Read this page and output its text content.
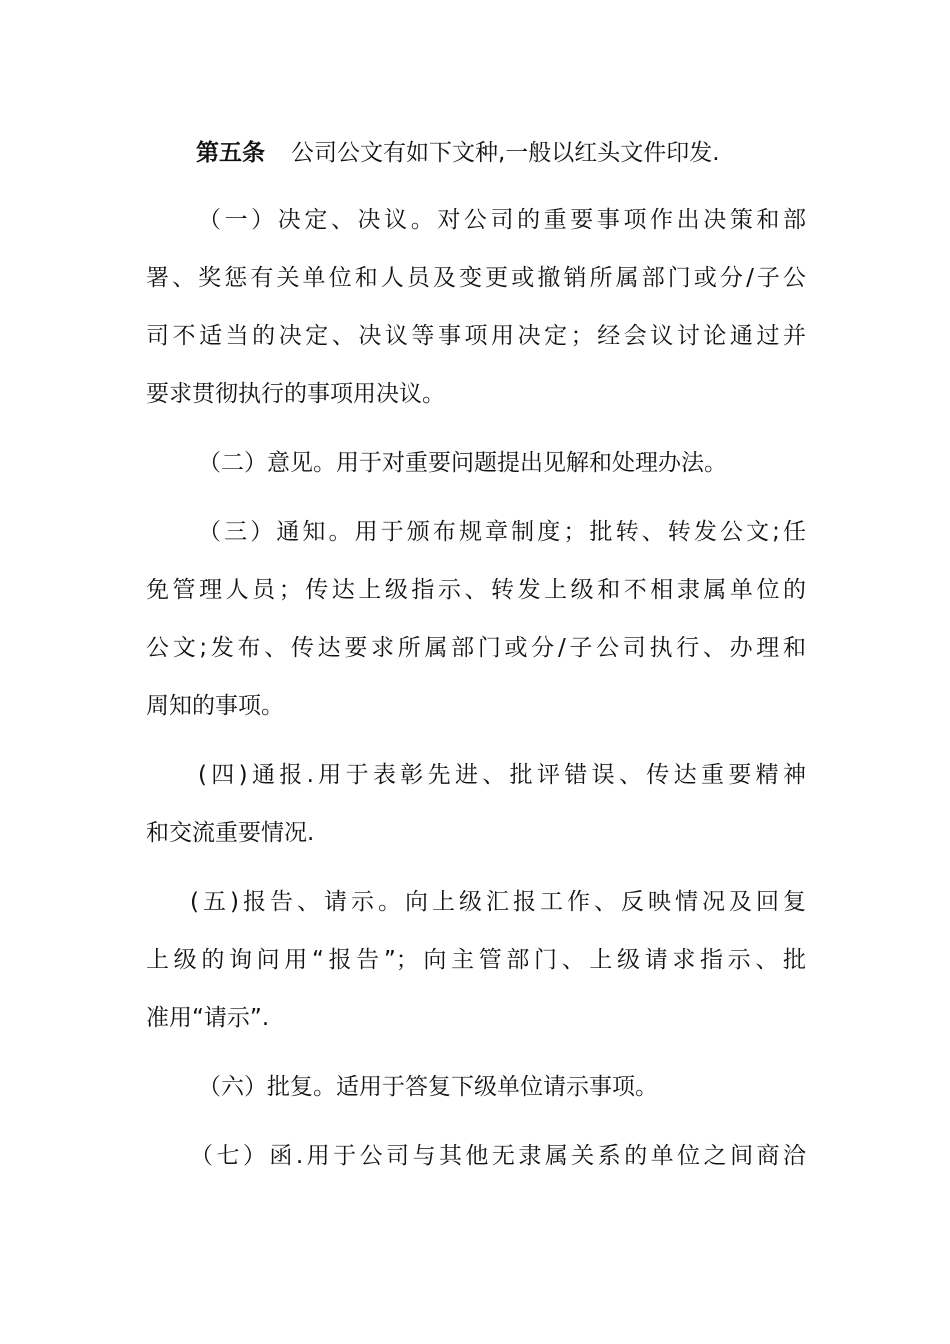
第五条 公司公文有如下文种,一般以红头文件印发.
（一）决定、决议。对公司的重要事项作出决策和部
署、奖惩有关单位和人员及变更或撤销所属部门或分/子公
司不适当的决定、决议等事项用决定；经会议讨论通过并
要求贯彻执行的事项用决议。
（二）意见。用于对重要问题提出见解和处理办法。
（三）通知。用于颁布规章制度；批转、转发公文;任
免管理人员；传达上级指示、转发上级和不相隶属单位的
公文;发布、传达要求所属部门或分/子公司执行、办理和
周知的事项。
(四)通报.用于表彰先进、批评错误、传达重要精神
和交流重要情况.
(五)报告、请示。向上级汇报工作、反映情况及回复
上级的询问用“报告”；向主管部门、上级请求指示、批
准用“请示”.
（六）批复。适用于答复下级单位请示事项。
（七）函.用于公司与其他无隶属关系的单位之间商洽
